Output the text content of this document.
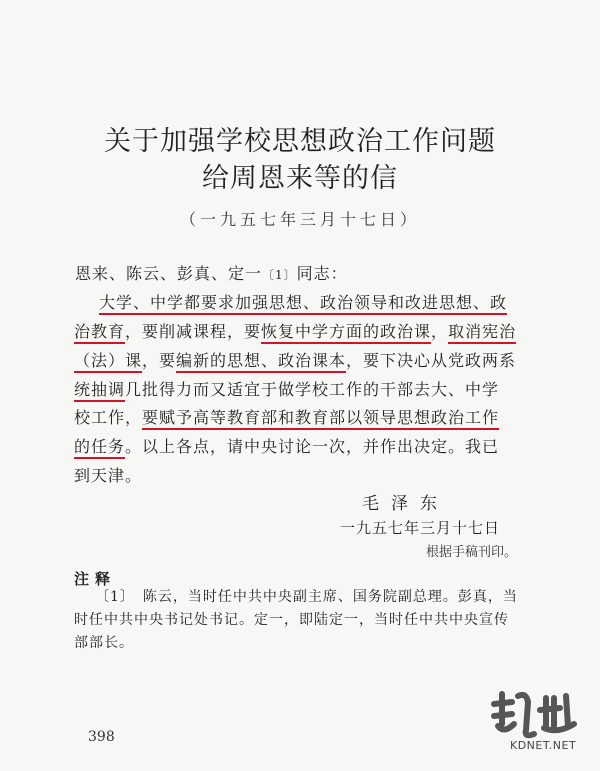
关于加强学校思想政治工作问题
给周恩来等的信
（一九五七年三月十七日）
恩来、陈云、彭真、定一〔1〕同志：
大学、中学都要求加强思想、政治领导和改进思想、政
治教育，要削减课程，要恢复中学方面的政治课，取消宪治
（法）课，要编新的思想、政治课本，要下决心从党政两系
统抽调几批得力而又适宜于做学校工作的干部去大、中学
校工作，要赋予高等教育部和教育部以领导思想政治工作
的任务。以上各点，请中央讨论一次，并作出决定。我已
到天津。
毛泽东
一九五七年三月十七日
根据手稿刊印。
注释
〔1〕　陈云，当时任中共中央副主席、国务院副总理。彭真，当
时任中共中央书记处书记。定一，即陆定一，当时任中共中央宣传
部部长。
398
KDNET.NET
